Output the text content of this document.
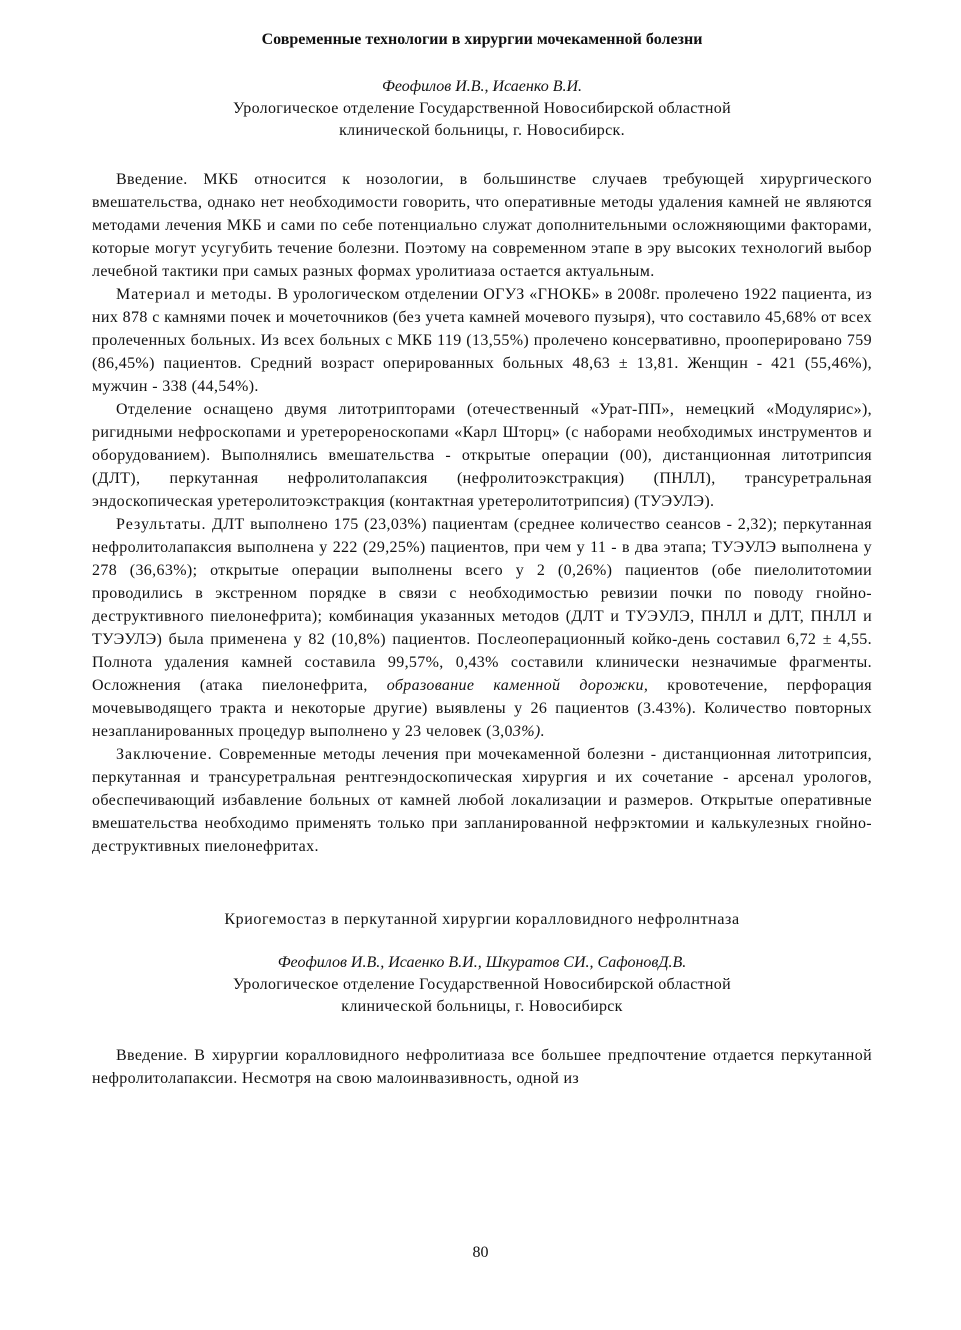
Современные технологии в хирургии мочекаменной болезни
Феофилов И.В., Исаенко В.И.
Урологическое отделение Государственной Новосибирской областной
клинической больницы, г. Новосибирск.

Введение. МКБ относится к нозологии, в большинстве случаев требующей хирургического вмешательства, однако нет необходимости говорить, что оперативные методы удаления камней не являются методами лечения МКБ и сами по себе потенциально служат дополнительными осложняющими факторами, которые могут усугубить течение болезни. Поэтому на современном этапе в эру высоких технологий выбор лечебной тактики при самых разных формах уролитиаза остается актуальным.

Материал и методы. В урологическом отделении ОГУЗ «ГНОКБ» в 2008г. пролечено 1922 пациента, из них 878 с камнями почек и мочеточников (без учета камней мочевого пузыря), что составило 45,68% от всех пролеченных больных. Из всех больных с МКБ 119 (13,55%) пролечено консервативно, прооперировано 759 (86,45%) пациентов. Средний возраст оперированных больных 48,63 ± 13,81. Женщин - 421 (55,46%), мужчин - 338 (44,54%).

Отделение оснащено двумя литотрипторами (отечественный «Урат-ПП», немецкий «Модулярис»), ригидными нефроскопами и уретерореноскопами «Карл Шторц» (с наборами необходимых инструментов и оборудованием). Выполнялись вмешательства - открытые операции (00), дистанционная литотрипсия (ДЛТ), перкутанная нефролитолапаксия (нефролитоэкстракция) (ПНЛЛ), трансуретральная эндоскопическая уретеролитоэкстракция (контактная уретеролитотрипсия) (ТУЭУЛЭ).

Результаты. ДЛТ выполнено 175 (23,03%) пациентам (среднее количество сеансов - 2,32); перкутанная нефролитолапаксия выполнена у 222 (29,25%) пациентов, при чем у 11 - в два этапа; ТУЭУЛЭ выполнена у 278 (36,63%); открытые операции выполнены всего у 2 (0,26%) пациентов (обе пиелолитотомии проводились в экстренном порядке в связи с необходимостью ревизии почки по поводу гнойно-деструктивного пиелонефрита); комбинация указанных методов (ДЛТ и ТУЭУЛЭ, ПНЛЛ и ДЛТ, ПНЛЛ и ТУЭУЛЭ) была применена у 82 (10,8%) пациентов. Послеоперационный койко-день составил 6,72 ± 4,55. Полнота удаления камней составила 99,57%, 0,43% составили клинически незначимые фрагменты. Осложнения (атака пиелонефрита, образование каменной дорожки, кровотечение, перфорация мочевыводящего тракта и некоторые другие) выявлены у 26 пациентов (3.43%). Количество повторных незапланированных процедур выполнено у 23 человек (3,03%).

Заключение. Современные методы лечения при мочекаменной болезни - дистанционная литотрипсия, перкутанная и трансуретральная рентгеэндоскопическая хирургия и их сочетание - арсенал урологов, обеспечивающий избавление больных от камней любой локализации и размеров. Открытые оперативные вмешательства необходимо применять только при запланированной нефрэктомии и калькулезных гнойно-деструктивных пиелонефритах.

Криогемостаз в перкутанной хирургии коралловидного нефролнтназа
Феофилов И.В., Исаенко В.И., Шкуратов СИ., СафоновД.В.
Урологическое отделение Государственной Новосибирской областной
клинической больницы, г. Новосибирск

Введение. В хирургии коралловидного нефролитиаза все большее предпочтение отдается перкутанной нефролитолапаксии. Несмотря на свою малоинвазивность, одной из

80
